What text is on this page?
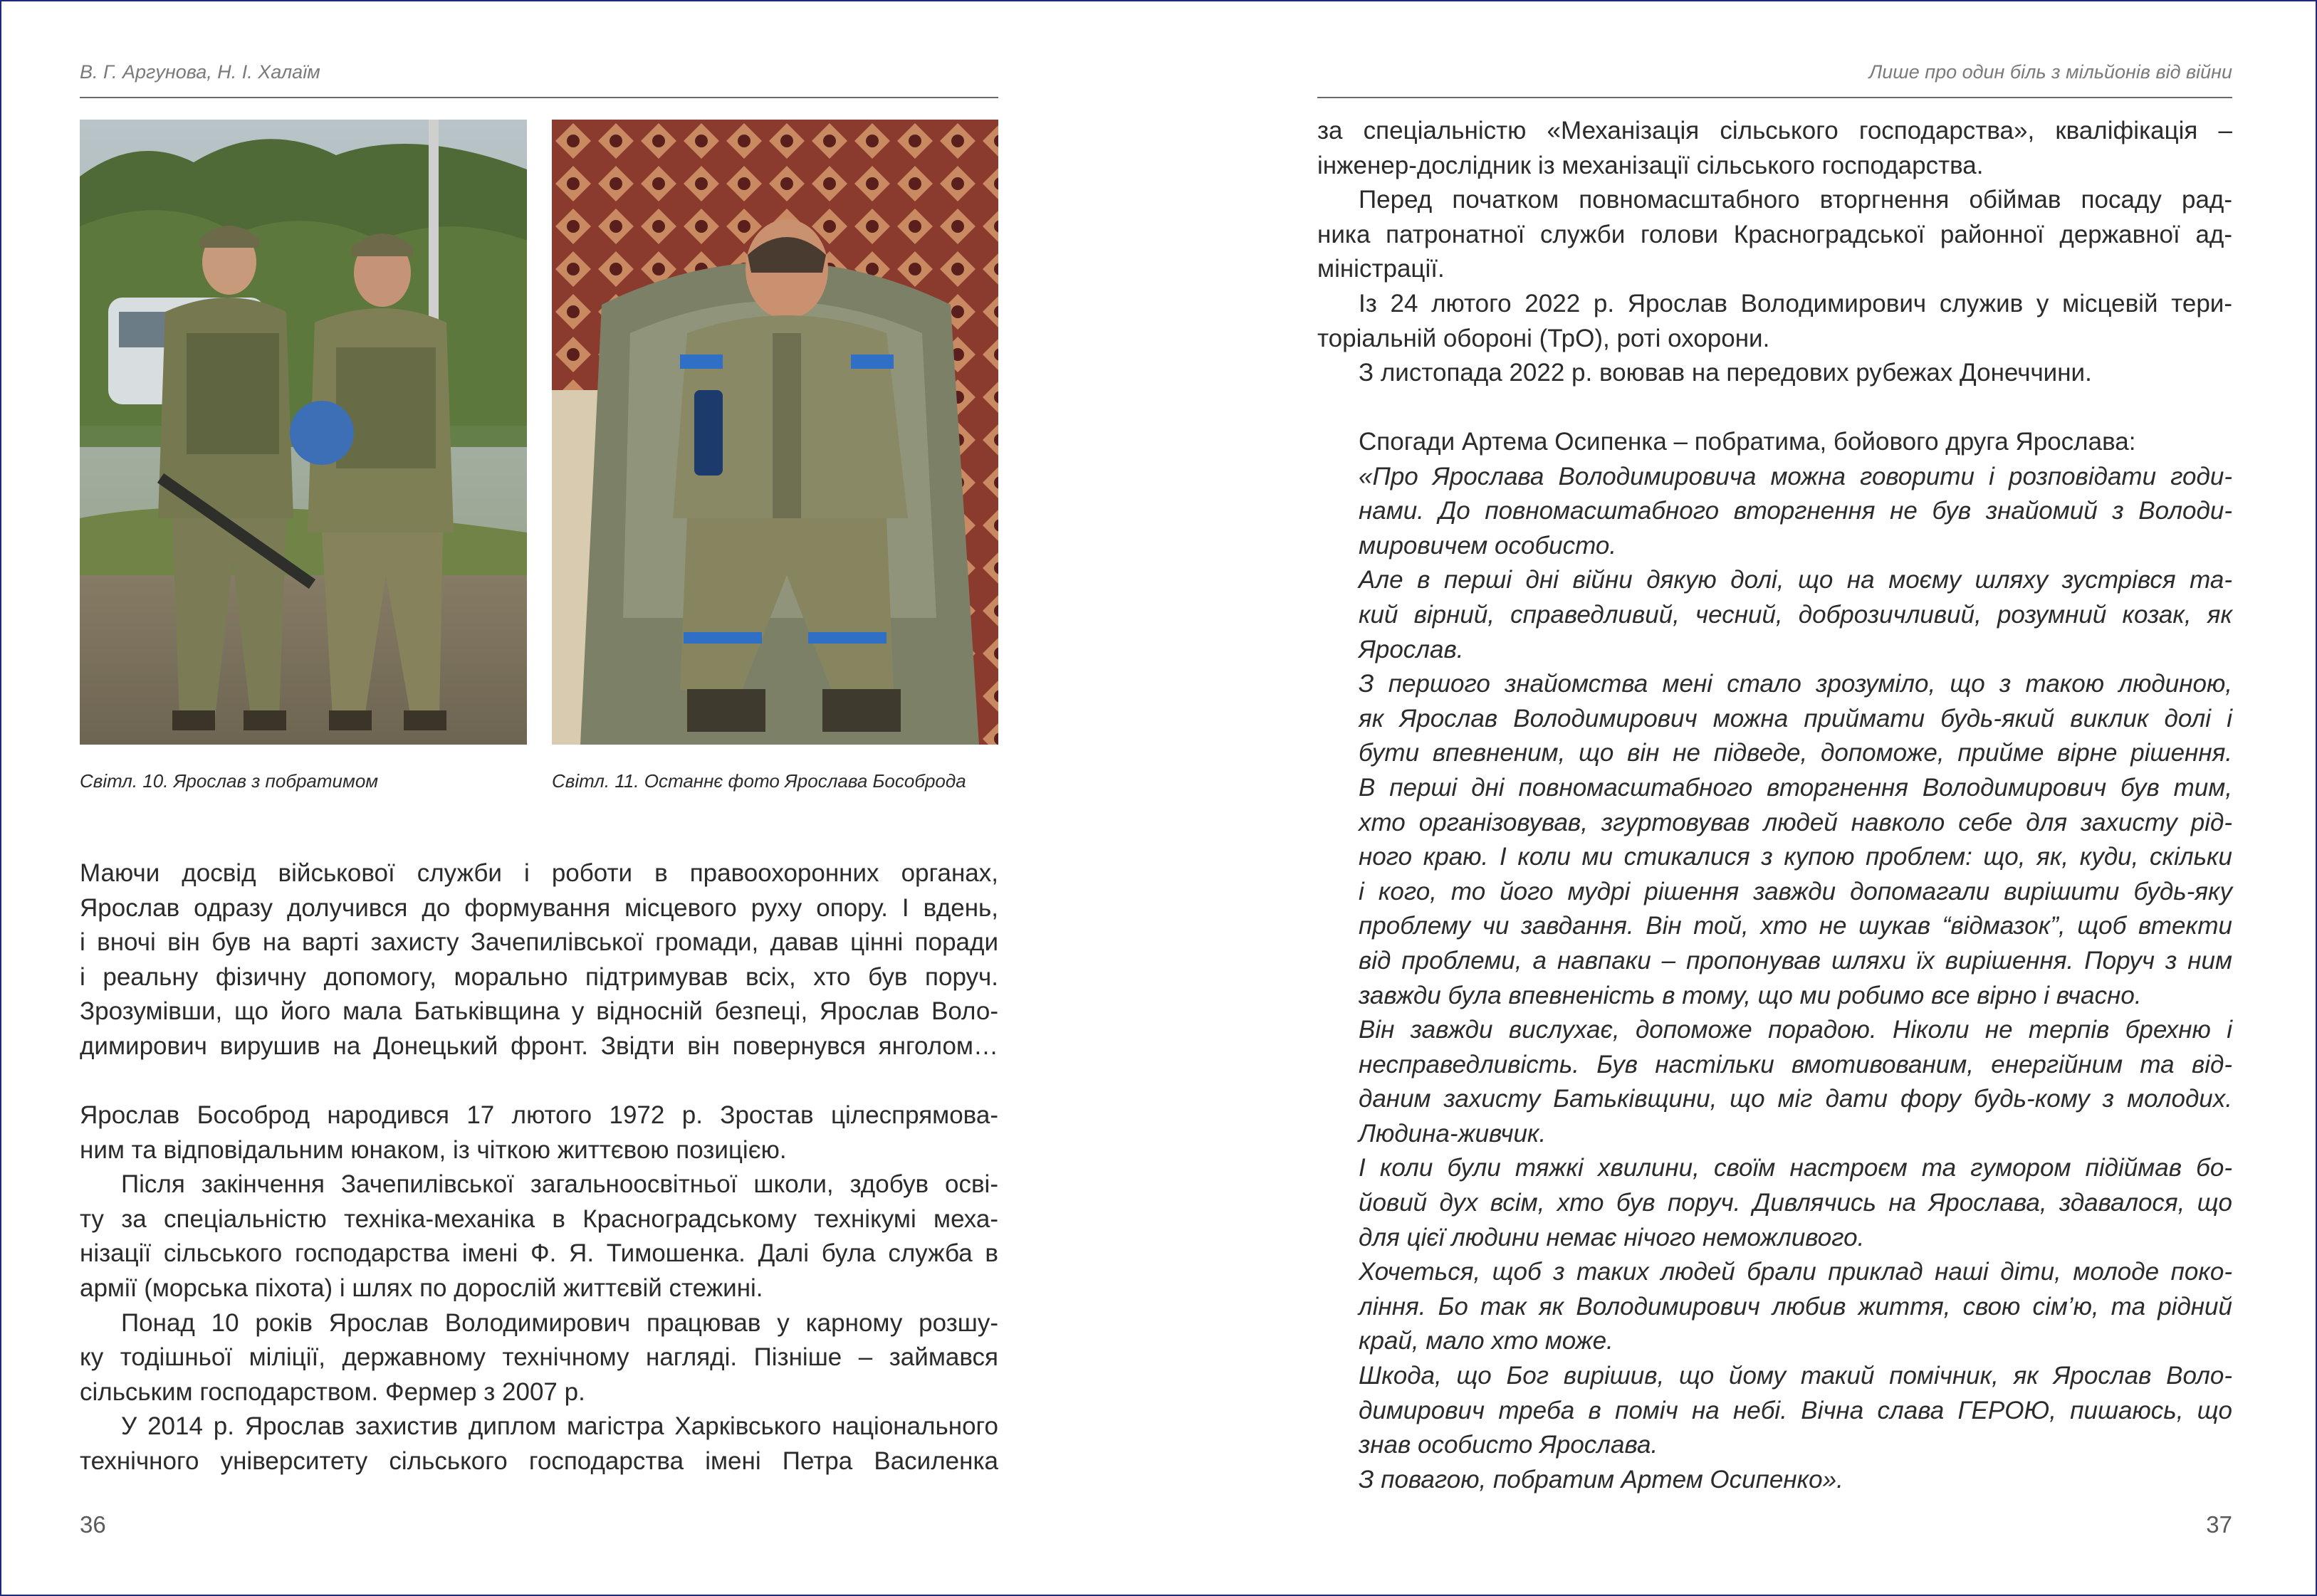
В. Г. Аргунова, Н. І. Халаїм
Світл. 10. Ярослав з побратимом	Світл. 11. Останнє фото Ярослава Бособрода
Маючи досвід військової служби і роботи в правоохоронних органах,
Ярослав одразу долучився до формування місцевого руху опору. І вдень,
і вночі він був на варті захисту Зачепилівської громади, давав цінні поради
і реальну фізичну допомогу, морально підтримував всіх, хто був поруч.
Зрозумівши, що його мала Батьківщина у відносній безпеці, Ярослав Воло-
димирович вирушив на Донецький фронт. Звідти він повернувся янголом…
Ярослав Бособрод народився 17 лютого 1972 р. Зростав цілеспрямова-
ним та відповідальним юнаком, із чіткою життєвою позицією.
Після закінчення Зачепилівської загальноосвітньої школи, здобув освi-
ту за спеціальністю техніка-механіка в Красноградському технікумі меха-
нізації сільського господарства імені Ф. Я. Тимошенка. Далі була служба в
армії (морська піхота) і шлях по дорослій життєвій стежині.
Понад 10 років Ярослав Володимирович працював у карному розшу-
ку тодішньої міліції, державному технічному нагляді. Пізніше – займався
сільським господарством. Фермер з 2007 р.
У 2014 р. Ярослав захистив диплом магістра Харківського національного
технічного університету сільського господарства імені Петра Василенка
36
Лише про один біль з мільйонів від війни
за спеціальністю «Механізація сільського господарства», кваліфікація –
інженер-дослідник із механізації сільського господарства.
Перед початком повномасштабного вторгнення обіймав посаду рад-
ника патронатної служби голови Красноградської районної державної ад-
міністрації.
Із 24 лютого 2022 р. Ярослав Володимирович служив у місцевій тери-
торіальній обороні (ТрО), роті охорони.
З листопада 2022 р. воював на передових рубежах Донеччини.
Спогади Артема Осипенка – побратима, бойового друга Ярослава:
«Про Ярослава Володимировича можна говорити і розповідати годи-
нами. До повномасштабного вторгнення не був знайомий з Володи-
мировичем особисто.
Але в перші дні війни дякую долі, що на моєму шляху зустрівся та-
кий вірний, справедливий, чесний, доброзичливий, розумний козак, як
Ярослав.
З першого знайомства мені стало зрозуміло, що з такою людиною,
як Ярослав Володимирович можна приймати будь-який виклик долі і
бути впевненим, що він не підведе, допоможе, прийме вірне рішення.
В перші дні повномасштабного вторгнення Володимирович був тим,
хто організовував, згуртовував людей навколо себе для захисту рід-
ного краю. І коли ми стикалися з купою проблем: що, як, куди, скільки
і кого, то його мудрі рішення завжди допомагали вирішити будь-яку
проблему чи завдання. Він той, хто не шукав “відмазок”, щоб втекти
від проблеми, а навпаки – пропонував шляхи їх вирішення. Поруч з ним
завжди була впевненість в тому, що ми робимо все вірно і вчасно.
Він завжди вислухає, допоможе порадою. Ніколи не терпів брехню і
несправедливість. Був настільки вмотивованим, енергійним та від-
даним захисту Батьківщини, що міг дати фору будь-кому з молодих.
Людина-живчик.
І коли були тяжкі хвилини, своїм настроєм та гумором підіймав бо-
йовий дух всім, хто був поруч. Дивлячись на Ярослава, здавалося, що
для цієї людини немає нічого неможливого.
Хочеться, щоб з таких людей брали приклад наші діти, молоде поко-
ління. Бо так як Володимирович любив життя, свою сім’ю, та рідний
край, мало хто може.
Шкода, що Бог вирішив, що йому такий помічник, як Ярослав Воло-
димирович треба в поміч на небі. Вічна слава ГЕРОЮ, пишаюсь, що
знав особисто Ярослава.
З повагою, побратим Артем Осипенко».
37
